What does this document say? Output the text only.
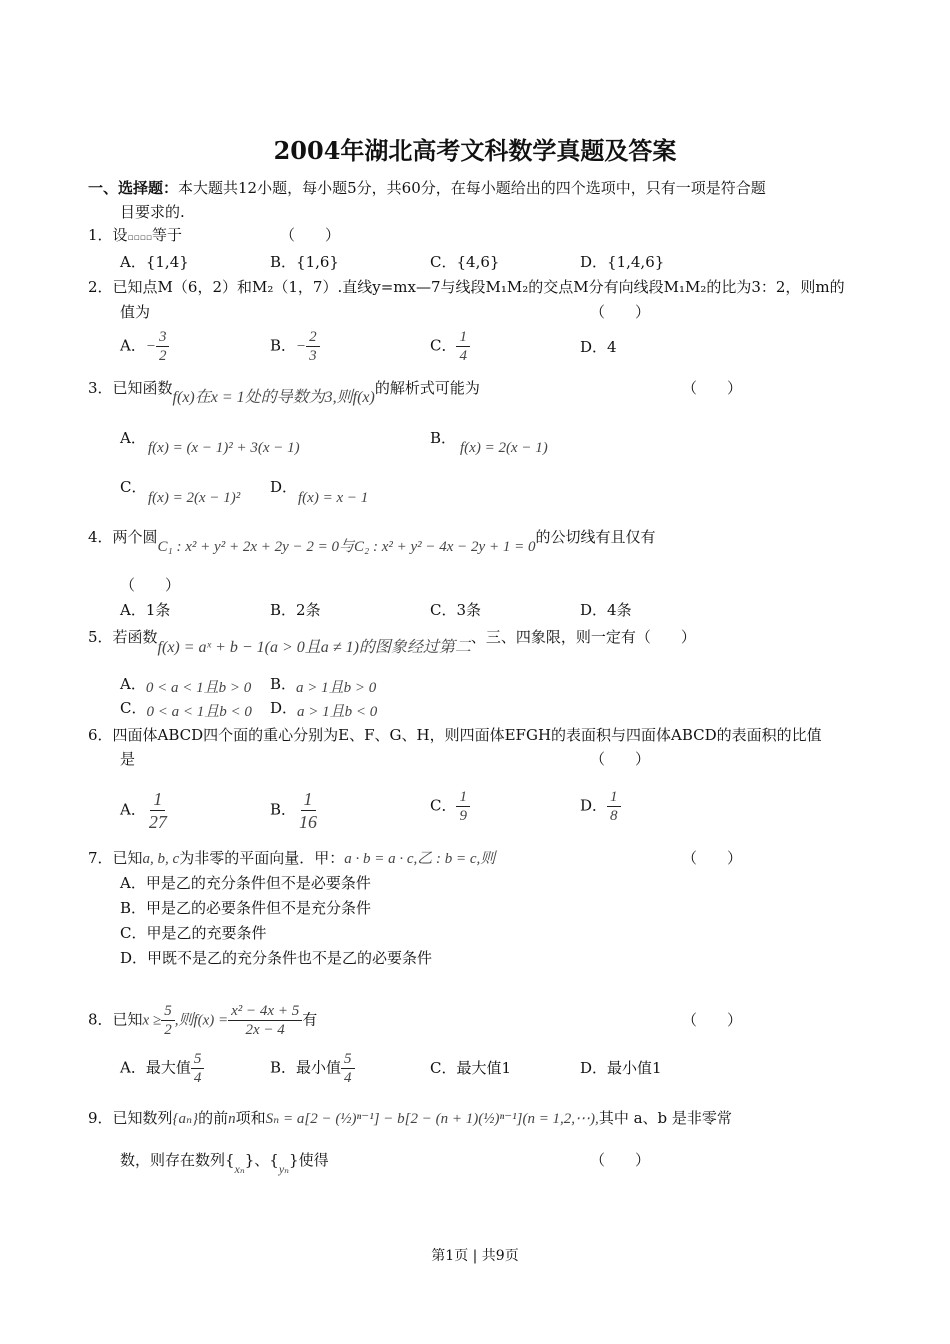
2004年湖北高考文科数学真题及答案
一、选择题：本大题共12小题，每小题5分，共60分，在每小题给出的四个选项中，只有一项是符合题
目要求的.
1．设▫▫▫▫等于	（　　）
A．{1,4}	B．{1,6}	C．{4,6}	D．{1,4,6}
2．已知点M（6，2）和M₂（1，7）.直线y=mx—7与线段M₁M₂的交点M分有向线段M₁M₂的比为3：2，则m的
值为	（　　）
A．− $\frac{3}{2}$	B．− $\frac{2}{3}$	C． $\frac{1}{4}$	D．4
3．已知函数f(x)在x = 1处的导数为3,则f(x)的解析式可能为	（　　）
A．
f(x) = (x − 1)² + 3(x − 1)
B．
f(x) = 2(x − 1)
C．
f(x) = 2(x − 1)²
D．
f(x) = x − 1
4．两个圆C₁ : x² + y² + 2x + 2y − 2 = 0与C₂ : x² + y² − 4x − 2y + 1 = 0的公切线有且仅有
（　　）
A．1条	B．2条	C．3条	D．4条
5．若函数f(x) = aˣ + b − 1(a > 0且a ≠ 1)的图象经过第二、三、四象限，则一定有（　　）
A．0 < a < 1且b > 0 B．a > 1且b > 0
C．0 < a < 1且b < 0 D．a > 1且b < 0
6．四面体ABCD四个面的重心分别为E、F、G、H，则四面体EFGH的表面积与四面体ABCD的表面积的比值
是	（　　）
A． $\frac{1}{27}$	B． $\frac{1}{16}$	C． $\frac{1}{9}$	D． $\frac{1}{8}$
7．已知a, b, c为非零的平面向量．甲：a · b = a · c,乙 : b = c,则	（　　）
A．甲是乙的充分条件但不是必要条件
B．甲是乙的必要条件但不是充分条件
C．甲是乙的充要条件
D．甲既不是乙的充分条件也不是乙的必要条件
8．已知$x \ge \frac{5}{2}$ ,则$f(x) = \frac{\text{x² − 4x + 5}}{2x - 4}$ 有	（　　）
A．最大值 $\frac{5}{4}$	B．最小值 $\frac{5}{4}$	C．最大值1	D．最小值1
9．已知数列{aₙ}的前n项和Sₙ = a[2 − (½)ⁿ⁻¹] − b[2 − (n + 1)(½)ⁿ⁻¹](n = 1,2,⋯),其中 a、b 是非零常
数，则存在数列$\{_{x_n}\}$、$\{_{y_n}\}$使得	（　　）
第1页 | 共9页
